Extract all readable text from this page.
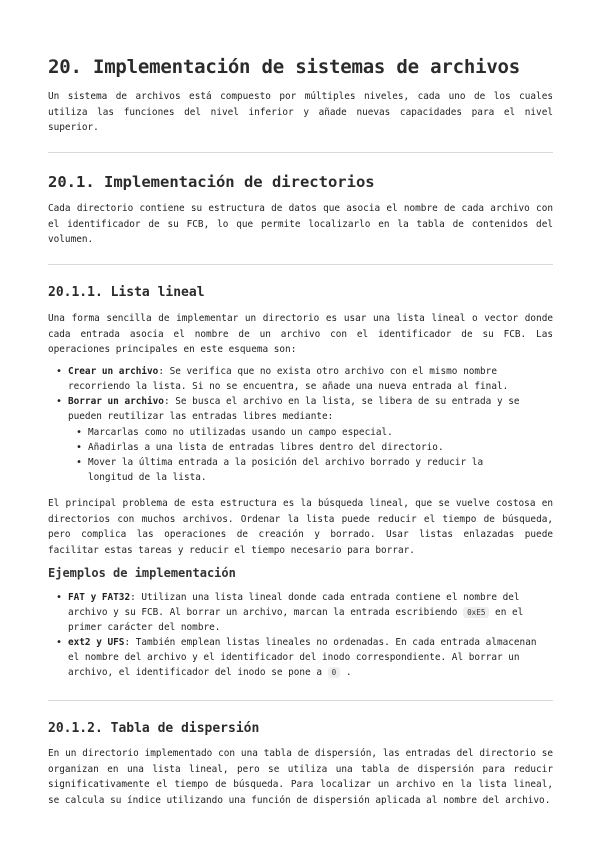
20. Implementación de sistemas de archivos

Un sistema de archivos está compuesto por múltiples niveles, cada uno de los cuales utiliza las funciones del nivel inferior y añade nuevas capacidades para el nivel superior.

20.1. Implementación de directorios

Cada directorio contiene su estructura de datos que asocia el nombre de cada archivo con el identificador de su FCB, lo que permite localizarlo en la tabla de contenidos del volumen.

20.1.1. Lista lineal

Una forma sencilla de implementar un directorio es usar una lista lineal o vector donde cada entrada asocia el nombre de un archivo con el identificador de su FCB. Las operaciones principales en este esquema son:

• Crear un archivo: Se verifica que no exista otro archivo con el mismo nombre recorriendo la lista. Si no se encuentra, se añade una nueva entrada al final.
• Borrar un archivo: Se busca el archivo en la lista, se libera de su entrada y se pueden reutilizar las entradas libres mediante:
• Marcarlas como no utilizadas usando un campo especial.
• Añadirlas a una lista de entradas libres dentro del directorio.
• Mover la última entrada a la posición del archivo borrado y reducir la longitud de la lista.

El principal problema de esta estructura es la búsqueda lineal, que se vuelve costosa en directorios con muchos archivos. Ordenar la lista puede reducir el tiempo de búsqueda, pero complica las operaciones de creación y borrado. Usar listas enlazadas puede facilitar estas tareas y reducir el tiempo necesario para borrar.

Ejemplos de implementación
• FAT y FAT32: Utilizan una lista lineal donde cada entrada contiene el nombre del archivo y su FCB. Al borrar un archivo, marcan la entrada escribiendo 0xE5 en el primer carácter del nombre.
• ext2 y UFS: También emplean listas lineales no ordenadas. En cada entrada almacenan el nombre del archivo y el identificador del inodo correspondiente. Al borrar un archivo, el identificador del inodo se pone a 0 .
20.1.2. Tabla de dispersión

En un directorio implementado con una tabla de dispersión, las entradas del directorio se organizan en una lista lineal, pero se utiliza una tabla de dispersión para reducir significativamente el tiempo de búsqueda. Para localizar un archivo en la lista lineal, se calcula su índice utilizando una función de dispersión aplicada al nombre del archivo.
